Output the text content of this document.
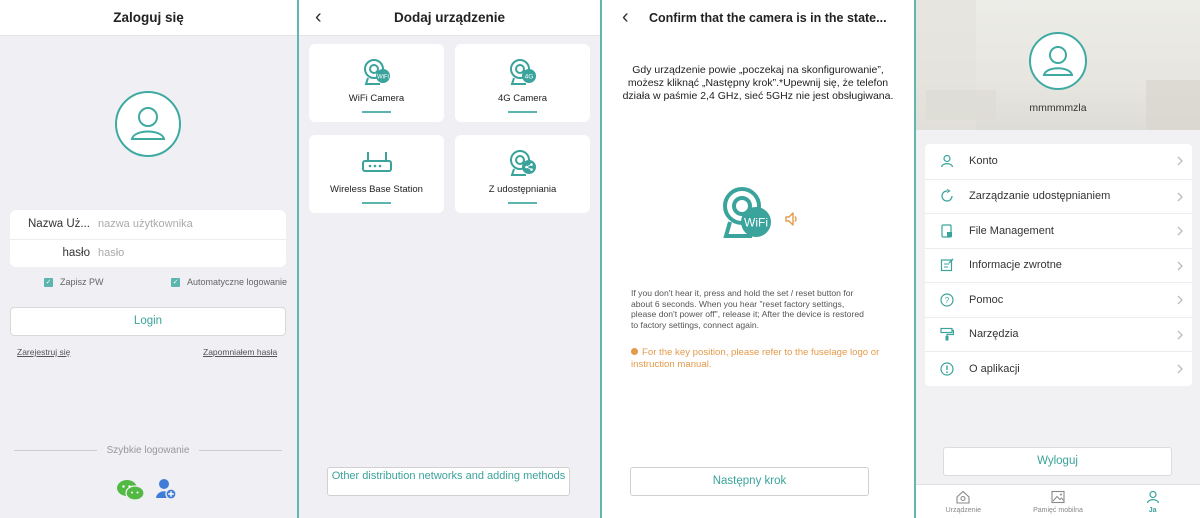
Zaloguj się
Nazwa Uż... nazwa użytkownika
hasło hasło
✓ Zapisz PW	✓ Automatyczne logowanie
Login
Zarejestruj się	Zapomniałem hasła
Szybkie logowanie
‹	Dodaj urządzenie
WiFi
WiFi Camera
4G
4G Camera
Wireless Base Station	Z udostępniania
Other distribution networks and adding methods
‹ Confirm that the camera is in the state...
Gdy urządzenie powie „poczekaj na skonfigurowanie”, możesz kliknąć „Następny krok”.*Upewnij się, że telefon działa w paśmie 2,4 GHz, sieć 5GHz nie jest obsługiwana.
WiFi
If you don't hear it, press and hold the set / reset button for about 6 seconds. When you hear "reset factory settings, please don't power off", release it; After the device is restored to factory settings, connect again.
For the key position, please refer to the fuselage logo or instruction manual.
Następny krok
mmmmmzla
Konto
Zarządzanie udostępnianiem
File Management
Informacje zwrotne
? Pomoc
Narzędzia
O aplikacji
Wyloguj
Urządzenie	Pamięć mobilna	Ja
